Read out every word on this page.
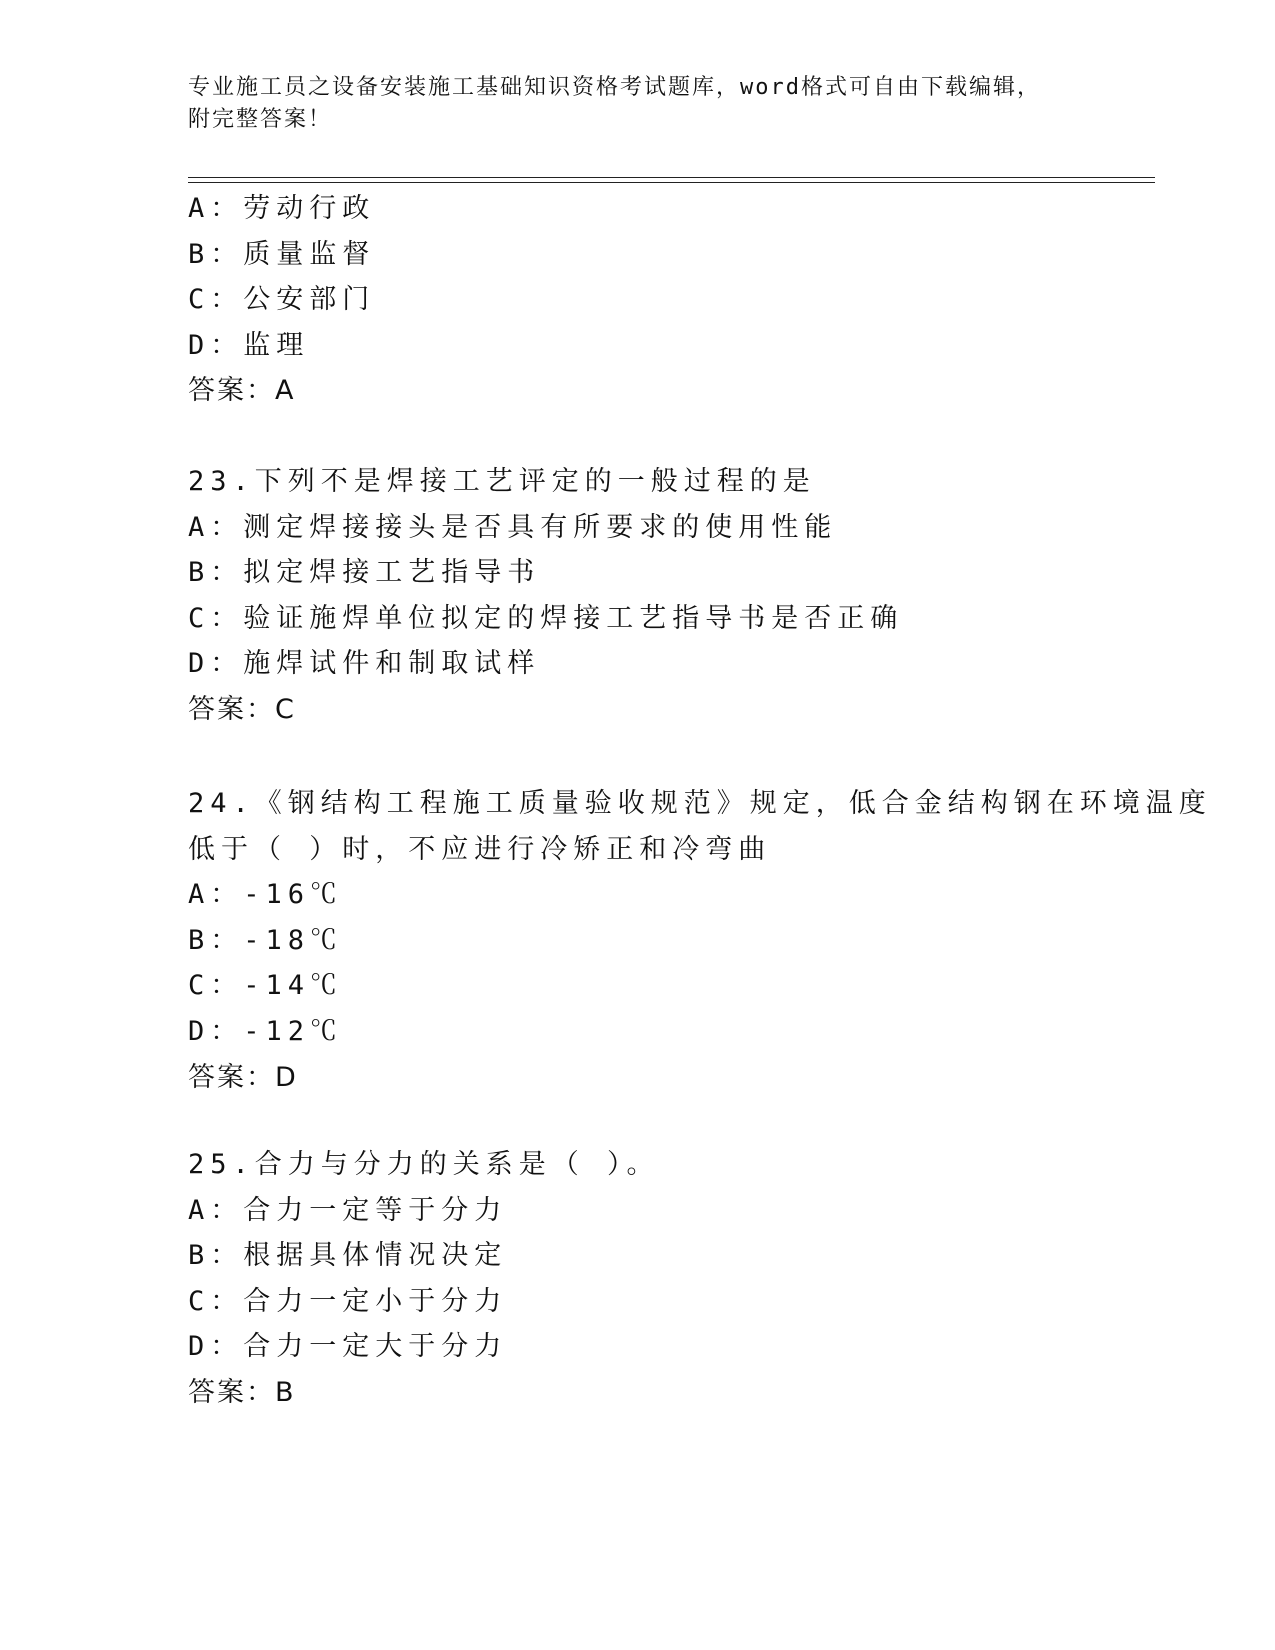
专业施工员之设备安装施工基础知识资格考试题库，word格式可自由下载编辑，
附完整答案！
A：劳动行政
B：质量监督
C：公安部门
D：监理
答案：A
23.下列不是焊接工艺评定的一般过程的是
A：测定焊接接头是否具有所要求的使用性能
B：拟定焊接工艺指导书
C：验证施焊单位拟定的焊接工艺指导书是否正确
D：施焊试件和制取试样
答案：C
24.《钢结构工程施工质量验收规范》规定，低合金结构钢在环境温度
低于（ ）时，不应进行冷矫正和冷弯曲
A：-16℃
B：-18℃
C：-14℃
D：-12℃
答案：D
25.合力与分力的关系是（ ）。
A：合力一定等于分力
B：根据具体情况决定
C：合力一定小于分力
D：合力一定大于分力
答案：B
